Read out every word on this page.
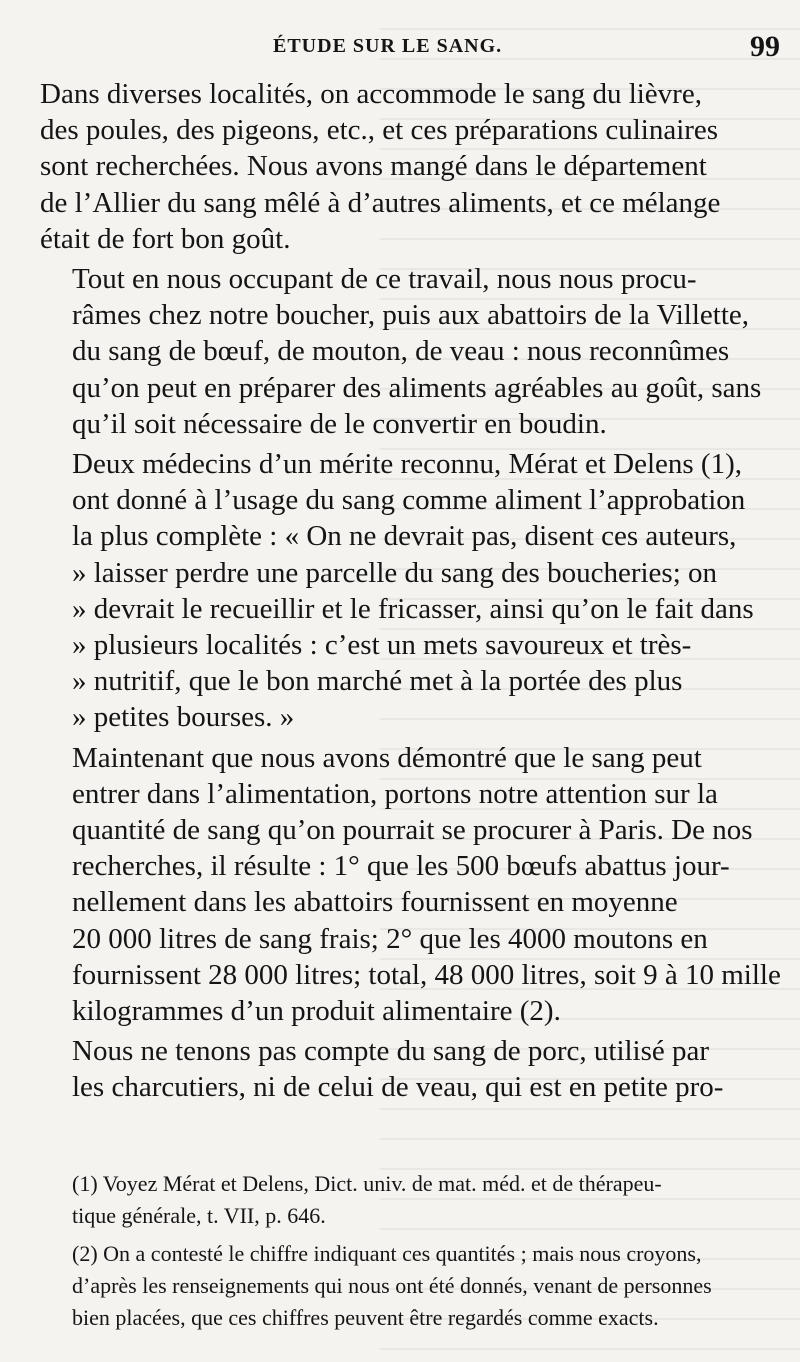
ÉTUDE SUR LE SANG.	99
Dans diverses localités, on accommode le sang du lièvre,
des poules, des pigeons, etc., et ces préparations culinaires
sont recherchées. Nous avons mangé dans le département
de l’Allier du sang mêlé à d’autres aliments, et ce mélange
était de fort bon goût.
Tout en nous occupant de ce travail, nous nous procu-
râmes chez notre boucher, puis aux abattoirs de la Villette,
du sang de bœuf, de mouton, de veau : nous reconnûmes
qu’on peut en préparer des aliments agréables au goût, sans
qu’il soit nécessaire de le convertir en boudin.
Deux médecins d’un mérite reconnu, Mérat et Delens (1),
ont donné à l’usage du sang comme aliment l’approbation
la plus complète : « On ne devrait pas, disent ces auteurs,
» laisser perdre une parcelle du sang des boucheries; on
» devrait le recueillir et le fricasser, ainsi qu’on le fait dans
» plusieurs localités : c’est un mets savoureux et très-
» nutritif, que le bon marché met à la portée des plus
» petites bourses. »
Maintenant que nous avons démontré que le sang peut
entrer dans l’alimentation, portons notre attention sur la
quantité de sang qu’on pourrait se procurer à Paris. De nos
recherches, il résulte : 1° que les 500 bœufs abattus jour-
nellement dans les abattoirs fournissent en moyenne
20 000 litres de sang frais; 2° que les 4000 moutons en
fournissent 28 000 litres; total, 48 000 litres, soit 9 à 10 mille
kilogrammes d’un produit alimentaire (2).
Nous ne tenons pas compte du sang de porc, utilisé par
les charcutiers, ni de celui de veau, qui est en petite pro-
(1) Voyez Mérat et Delens, Dict. univ. de mat. méd. et de thérapeu-
tique générale, t. VII, p. 646.
(2) On a contesté le chiffre indiquant ces quantités ; mais nous croyons,
d’après les renseignements qui nous ont été donnés, venant de personnes
bien placées, que ces chiffres peuvent être regardés comme exacts.
